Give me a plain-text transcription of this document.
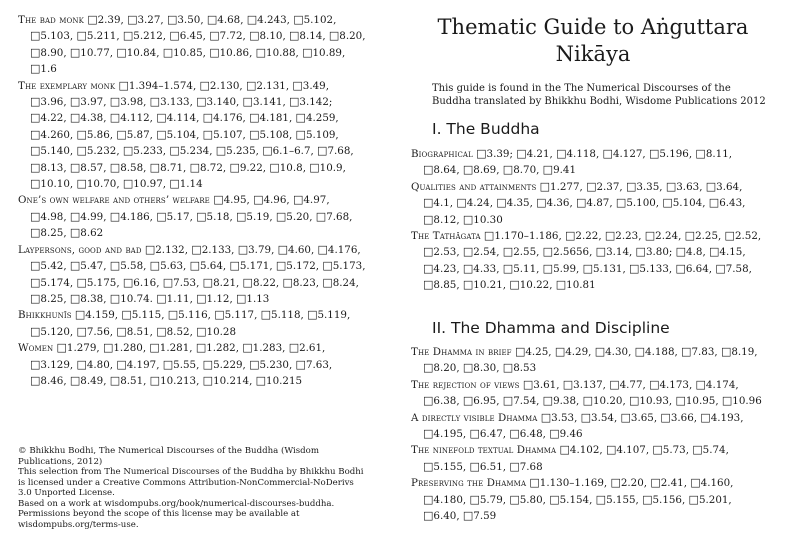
The bad monk □ 2.39, □ 3.27, □ 3.50, □ 4.68, □ 4.243, □ 5.102, □ 5.103, □ 5.211, □ 5.212, □ 6.45, □ 7.72, □ 8.10, □ 8.14, □ 8.20, □ 8.90, □ 10.77, □ 10.84, □ 10.85, □ 10.86, □ 10.88, □ 10.89, □ 1.6

The exemplary monk □ 1.394–1.574, □ 2.130, □ 2.131, □ 3.49, □ 3.96, □ 3.97, □ 3.98, □ 3.133, □ 3.140, □ 3.141, □ 3.142; □ 4.22, □ 4.38, □ 4.112, □ 4.114, □ 4.176, □ 4.181, □ 4.259, □ 4.260, □ 5.86, □ 5.87, □ 5.104, □ 5.107, □ 5.108, □ 5.109, □ 5.140, □ 5.232, □ 5.233, □ 5.234, □ 5.235, □ 6.1–6.7, □ 7.68, □ 8.13, □ 8.57, □ 8.58, □ 8.71, □ 8.72, □ 9.22, □ 10.8, □ 10.9, □ 10.10, □ 10.70, □ 10.97, □ 1.14

One’s own welfare and others’ welfare □ 4.95, □ 4.96, □ 4.97, □ 4.98, □ 4.99, □ 4.186, □ 5.17, □ 5.18, □ 5.19, □ 5.20, □ 7.68, □ 8.25, □ 8.62

Laypersons, good and bad □ 2.132, □ 2.133, □ 3.79, □ 4.60, □ 4.176, □ 5.42, □ 5.47, □ 5.58, □ 5.63, □ 5.64, □ 5.171, □ 5.172, □ 5.173, □ 5.174, □ 5.175, □ 6.16, □ 7.53, □ 8.21, □ 8.22, □ 8.23, □ 8.24, □ 8.25, □ 8.38, □ 10.74. □ 1.11, □ 1.12, □ 1.13

Bhikkhunīs □ 4.159, □ 5.115, □ 5.116, □ 5.117, □ 5.118, □ 5.119, □ 5.120, □ 7.56, □ 8.51, □ 8.52, □ 10.28

Women □ 1.279, □ 1.280, □ 1.281, □ 1.282, □ 1.283, □ 2.61, □ 3.129, □ 4.80, □ 4.197, □ 5.55, □ 5.229, □ 5.230, □ 7.63, □ 8.46, □ 8.49, □ 8.51, □ 10.213, □ 10.214, □ 10.215

© Bhikkhu Bodhi, The Numerical Discourses of the Buddha (Wisdom Publications, 2012)

This selection from The Numerical Discourses of the Buddha by Bhikkhu Bodhi is licensed under a Creative Commons Attribution-NonCommercial-NoDerivs 3.0 Unported License.

Based on a work at wisdompubs.org/book/numerical-discourses-buddha. Permissions beyond the scope of this license may be available at wisdompubs.org/terms-use.

Thematic Guide to Aṅguttara
Nikāya

This guide is found in the The Numerical Discourses of the Buddha translated by Bhikkhu Bodhi, Wisdome Publications 2012

I. The Buddha

Biographical □ 3.39; □ 4.21, □ 4.118, □ 4.127, □ 5.196, □ 8.11, □ 8.64, □ 8.69, □ 8.70, □ 9.41

Qualities and attainments □ 1.277, □ 2.37, □ 3.35, □ 3.63, □ 3.64, □ 4.1, □ 4.24, □ 4.35, □ 4.36, □ 4.87, □ 5.100, □ 5.104, □ 6.43, □ 8.12, □ 10.30

The Tathāgata □ 1.170–1.186, □ 2.22, □ 2.23, □ 2.24, □ 2.25, □ 2.52, □ 2.53, □ 2.54, □ 2.55, □ 2.5656, □ 3.14, □ 3.80; □ 4.8, □ 4.15, □ 4.23, □ 4.33, □ 5.11, □ 5.99, □ 5.131, □ 5.133, □ 6.64, □ 7.58, □ 8.85, □ 10.21, □ 10.22, □ 10.81

II. The Dhamma and Discipline

The Dhamma in brief □ 4.25, □ 4.29, □ 4.30, □ 4.188, □ 7.83, □ 8.19, □ 8.20, □ 8.30, □ 8.53

The rejection of views □ 3.61, □ 3.137, □ 4.77, □ 4.173, □ 4.174, □ 6.38, □ 6.95, □ 7.54, □ 9.38, □ 10.20, □ 10.93, □ 10.95, □ 10.96

A directly visible Dhamma □ 3.53, □ 3.54, □ 3.65, □ 3.66, □ 4.193, □ 4.195, □ 6.47, □ 6.48, □ 9.46

The ninefold textual Dhamma □ 4.102, □ 4.107, □ 5.73, □ 5.74, □ 5.155, □ 6.51, □ 7.68

Preserving the Dhamma □ 1.130–1.169, □ 2.20, □ 2.41, □ 4.160, □ 4.180, □ 5.79, □ 5.80, □ 5.154, □ 5.155, □ 5.156, □ 5.201, □ 6.40, □ 7.59
